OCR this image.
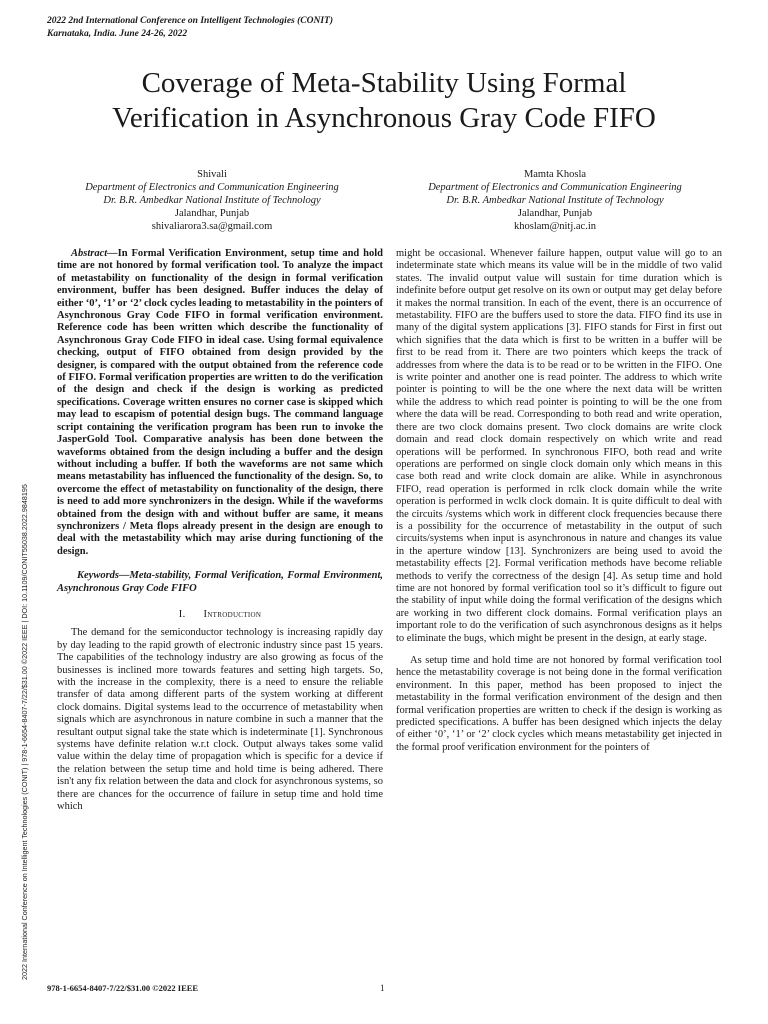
2022 2nd International Conference on Intelligent Technologies (CONIT)
Karnataka, India. June 24-26, 2022
2022 International Conference on Intelligent Technologies (CONIT) | 978-1-6654-8407-7/22/$31.00 ©2022 IEEE | DOI: 10.1109/CONIT55038.2022.9848195
Coverage of Meta-Stability Using Formal
Verification in Asynchronous Gray Code FIFO
Shivali
Department of Electronics and Communication Engineering
Dr. B.R. Ambedkar National Institute of Technology
Jalandhar, Punjab
shivaliarora3.sa@gmail.com
Mamta Khosla
Department of Electronics and Communication Engineering
Dr. B.R. Ambedkar National Institute of Technology
Jalandhar, Punjab
khoslam@nitj.ac.in

Abstract—In Formal Verification Environment, setup time and hold time are not honored by formal verification tool. To analyze the impact of metastability on functionality of the design in formal verification environment, buffer has been designed. Buffer induces the delay of either ‘0’, ‘1’ or ‘2’ clock cycles leading to metastability in the pointers of Asynchronous Gray Code FIFO in formal verification environment. Reference code has been written which describe the functionality of Asynchronous Gray Code FIFO in ideal case. Using formal equivalence checking, output of FIFO obtained from design provided by the designer, is compared with the output obtained from the reference code of FIFO. Formal verification properties are written to do the verification of the design and check if the design is working as predicted specifications. Coverage written ensures no corner case is skipped which may lead to escapism of potential design bugs. The command language script containing the verification program has been run to invoke the JasperGold Tool. Comparative analysis has been done between the waveforms obtained from the design including a buffer and the design without including a buffer. If both the waveforms are not same which means metastability has influenced the functionality of the design. So, to overcome the effect of metastability on functionality of the design, there is need to add more synchronizers in the design. While if the waveforms obtained from the design with and without buffer are same, it means synchronizers / Meta flops already present in the design are enough to deal with the metastability which may arise during functioning of the design.

Keywords—Meta-stability, Formal Verification, Formal Environment, Asynchronous Gray Code FIFO

I. Introduction

The demand for the semiconductor technology is increasing rapidly day by day leading to the rapid growth of electronic industry since past 15 years. The capabilities of the technology industry are also growing as focus of the businesses is inclined more towards features and setting high targets. So, with the increase in the complexity, there is a need to ensure the reliable transfer of data among different parts of the system working at different clock domains. Digital systems lead to the occurrence of metastability when signals which are asynchronous in nature combine in such a manner that the resultant output signal take the state which is indeterminate [1]. Synchronous systems have definite relation w.r.t clock. Output always takes some valid value within the delay time of propagation which is specific for a device if the relation between the setup time and hold time is being adhered. There isn't any fix relation between the data and clock for asynchronous systems, so there are chances for the occurrence of failure in setup time and hold time which

might be occasional. Whenever failure happen, output value will go to an indeterminate state which means its value will be in the middle of two valid states. The invalid output value will sustain for time duration which is indefinite before output get resolve on its own or output may get delay before it makes the normal transition. In each of the event, there is an occurrence of metastability. FIFO are the buffers used to store the data. FIFO find its use in many of the digital system applications [3]. FIFO stands for First in first out which signifies that the data which is first to be written in a buffer will be first to be read from it. There are two pointers which keeps the track of addresses from where the data is to be read or to be written in the FIFO. One is write pointer and another one is read pointer. The address to which write pointer is pointing to will be the one where the next data will be written while the address to which read pointer is pointing to will be the one from where the data will be read. Corresponding to both read and write operation, there are two clock domains present. Two clock domains are write clock domain and read clock domain respectively on which write and read operations will be performed. In synchronous FIFO, both read and write operations are performed on single clock domain only which means in this case both read and write clock domain are alike. While in asynchronous FIFO, read operation is performed in rclk clock domain while the write operation is performed in wclk clock domain. It is quite difficult to deal with the circuits /systems which work in different clock frequencies because there is a possibility for the occurrence of metastability in the output of such circuits/systems when input is asynchronous in nature and changes its value in the aperture window [13]. Synchronizers are being used to avoid the metastability effects [2]. Formal verification methods have become reliable methods to verify the correctness of the design [4]. As setup time and hold time are not honored by formal verification tool so it’s difficult to figure out the stability of input while doing the formal verification of the designs which are working in two different clock domains. Formal verification plays an important role to do the verification of such asynchronous designs as it helps to eliminate the bugs, which might be present in the design, at early stage.

As setup time and hold time are not honored by formal verification tool hence the metastability coverage is not being done in the formal verification environment. In this paper, method has been proposed to inject the metastability in the formal verification environment of the design and then formal verification properties are written to check if the design is working as predicted specifications. A buffer has been designed which injects the delay of either ‘0’, ‘1’ or ‘2’ clock cycles which means metastability get injected in the formal proof verification environment for the pointers of

978-1-6654-8407-7/22/$31.00 ©2022 IEEE	1
